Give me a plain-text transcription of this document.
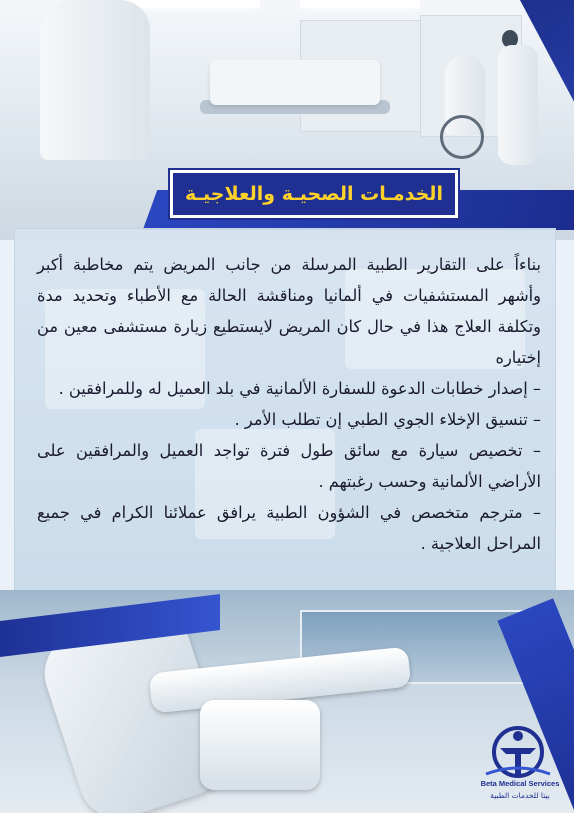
الخدمـات الصحيـة والعلاجيـة

بناءاً على التقارير الطبية المرسلة من جانب المريض يتم مخاطبة أكبر وأشهر المستشفيات في ألمانيا ومناقشة الحالة مع الأطباء وتحديد مدة وتكلفة العلاج هذا في حال كان المريض لايستطيع زيارة مستشفى معين من إختياره

– إصدار خطابات الدعوة للسفارة الألمانية في بلد العميل له وللمرافقين .

– تنسيق الإخلاء الجوي الطبي إن تطلب الأمر .

– تخصيص سيارة مع سائق طول فترة تواجد العميل والمرافقين على الأراضي الألمانية وحسب رغبتهم .

– مترجم متخصص في الشؤون الطبية يرافق عملائنا الكرام في جميع المراحل العلاجية .

Beta Medical Services
بيتا للخدمات الطبية
